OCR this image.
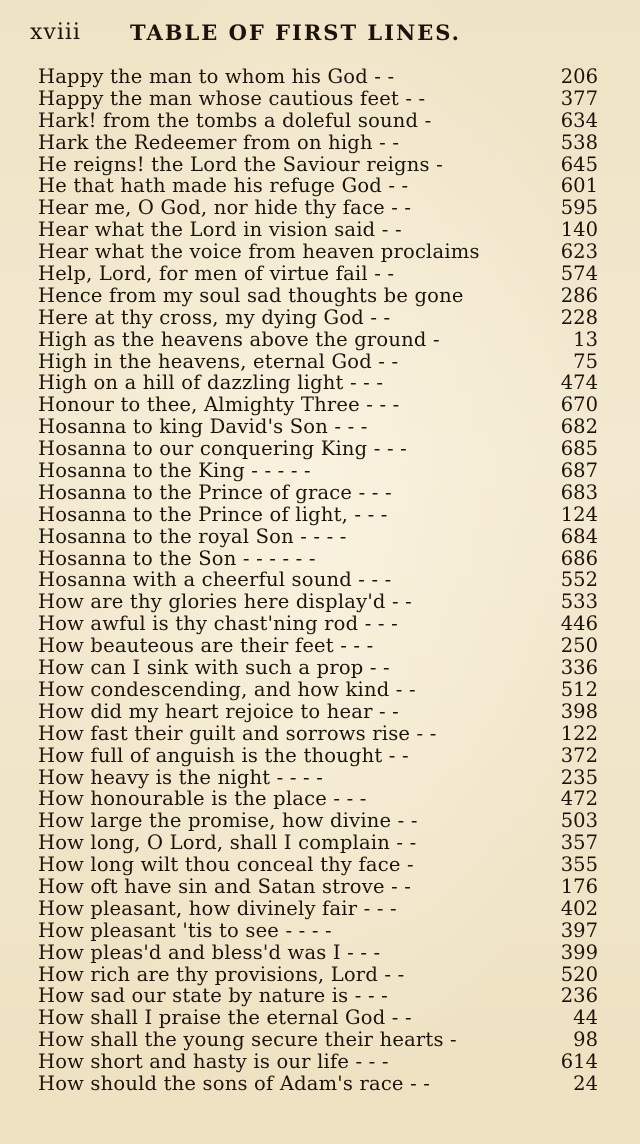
xviii TABLE OF FIRST LINES.
Happy the man to whom his God - -	206
Happy the man whose cautious feet - -	377
Hark! from the tombs a doleful sound -	634
Hark the Redeemer from on high - -	538
He reigns! the Lord the Saviour reigns -	645
He that hath made his refuge God - -	601
Hear me, O God, nor hide thy face - -	595
Hear what the Lord in vision said - -	140
Hear what the voice from heaven proclaims	623
Help, Lord, for men of virtue fail - -	574
Hence from my soul sad thoughts be gone	286
Here at thy cross, my dying God - -	228
High as the heavens above the ground -	13
High in the heavens, eternal God - -	75
High on a hill of dazzling light - - -	474
Honour to thee, Almighty Three - - -	670
Hosanna to king David's Son - - -	682
Hosanna to our conquering King - - -	685
Hosanna to the King - - - - -	687
Hosanna to the Prince of grace - - -	683
Hosanna to the Prince of light, - - -	124
Hosanna to the royal Son - - - -	684
Hosanna to the Son - - - - - -	686
Hosanna with a cheerful sound - - -	552
How are thy glories here display'd - -	533
How awful is thy chast'ning rod - - -	446
How beauteous are their feet - - -	250
How can I sink with such a prop - -	336
How condescending, and how kind - -	512
How did my heart rejoice to hear - -	398
How fast their guilt and sorrows rise - -	122
How full of anguish is the thought - -	372
How heavy is the night - - - -	235
How honourable is the place - - -	472
How large the promise, how divine - -	503
How long, O Lord, shall I complain - -	357
How long wilt thou conceal thy face -	355
How oft have sin and Satan strove - -	176
How pleasant, how divinely fair - - -	402
How pleasant 'tis to see - - - -	397
How pleas'd and bless'd was I - - -	399
How rich are thy provisions, Lord - -	520
How sad our state by nature is - - -	236
How shall I praise the eternal God - -	44
How shall the young secure their hearts -	98
How short and hasty is our life - - -	614
How should the sons of Adam's race - -	24
